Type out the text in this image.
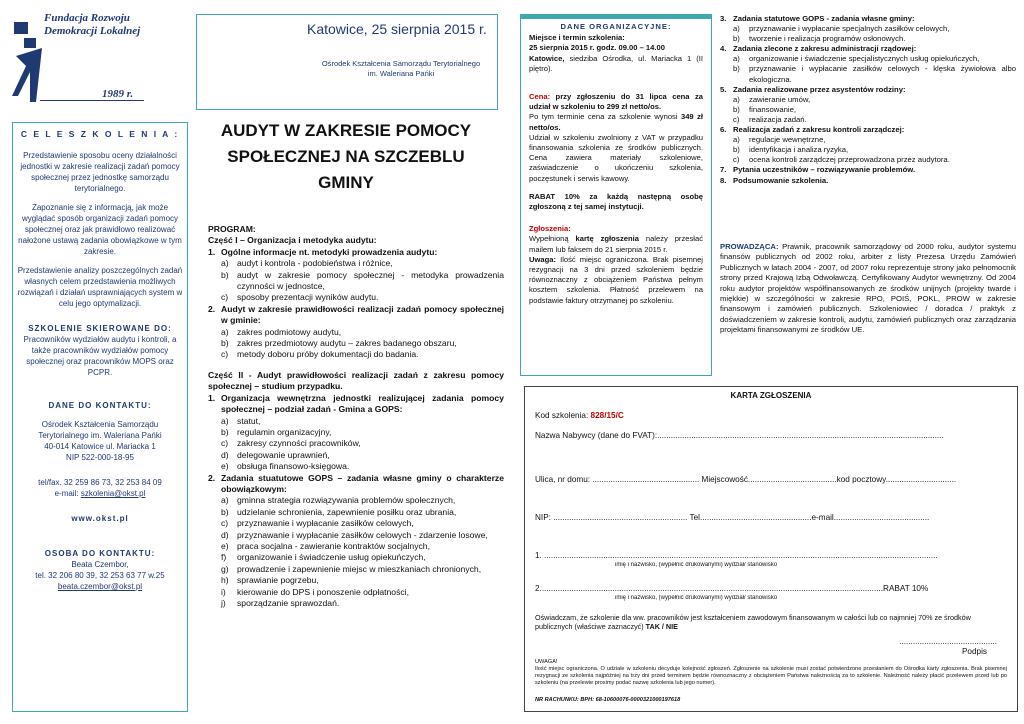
Fundacja Rozwoju
Demokracji Lokalnej
1989 r.
C E L E S Z K O L E N I A :

Przedstawienie sposobu oceny działalności jednostki w zakresie realizacji zadań pomocy społecznej przez jednostkę samorządu terytorialnego.

Zapoznanie się z informacją, jak może wyglądać sposób organizacji zadań pomocy społecznej oraz jak prawidłowo realizować nałożone ustawą zadania obowiązkowe w tym zakresie.

Przedstawienie analizy poszczególnych zadań własnych celem przedstawienia możliwych rozwiązań i działań usprawniających system w celu jego optymalizacji.

SZKOLENIE SKIEROWANE DO:

Pracowników wydziałów audytu i kontroli, a także pracowników wydziałów pomocy społecznej oraz pracowników MOPS oraz PCPR.

DANE DO KONTAKTU:
Ośrodek Kształcenia Samorządu Terytorialnego im. Waleriana Pańki
40-014 Katowice ul. Mariacka 1
NIP 522-000-18-95
tel/fax. 32 259 86 73, 32 253 84 09
e-mail: szkolenia@okst.pl
www.okst.pl
OSOBA DO KONTAKTU:
Beata Czembor,
tel. 32 206 80 39, 32 253 63 77 w.25
beata.czembor@okst.pl
Katowice, 25 sierpnia 2015 r.
Ośrodek Kształcenia Samorządu Terytorialnego
im. Waleriana Pańki
AUDYT W ZAKRESIE POMOCY
SPOŁECZNEJ NA SZCZEBLU
GMINY
PROGRAM:
Część I – Organizacja i metodyka audytu:
1. Ogólne informacje nt. metodyki prowadzenia audytu:
a) audyt i kontrola - podobieństwa i różnice,
b) audyt w zakresie pomocy społecznej - metodyka prowadzenia czynności w jednostce,
c)	sposoby prezentacji wyników audytu.
2. Audyt w zakresie prawidłowości realizacji zadań pomocy społecznej w gminie:
a) zakres podmiotowy audytu,
b) zakres przedmiotowy audytu – zakres badanego obszaru,
c)	metody doboru próby dokumentacji do badania.
Część II - Audyt prawidłowości realizacji zadań z zakresu pomocy społecznej – studium przypadku.
1. Organizacja wewnętrzna jednostki realizującej zadania pomocy społecznej – podział zadań - Gmina a GOPS:
a) statut,
b) regulamin organizacyjny,
c)	zakresy czynności pracowników,
d) delegowanie uprawnień,
e) obsługa finansowo-księgowa.
2. Zadania stuatutowe GOPS – zadania własne gminy o charakterze obowiązkowym:
a) gminna strategia rozwiązywania problemów społecznych,
b) udzielanie schronienia, zapewnienie posiłku oraz ubrania,
c)	przyznawanie i wypłacanie zasiłków celowych,
d) przyznawanie i wypłacanie zasiłków celowych - zdarzenie losowe,
e) praca socjalna - zawieranie kontraktów socjalnych,
f)	organizowanie i świadczenie usług opiekuńczych,
g) prowadzenie i zapewnienie miejsc w mieszkaniach chronionych,
h) sprawianie pogrzebu,
i)	kierowanie do DPS i ponoszenie odpłatności,
j)	sporządzanie sprawozdań.
DANE ORGANIZACYJNE:
Miejsce i termin szkolenia:
25 sierpnia 2015 r. godz. 09.00 – 14.00

Katowice, siedziba Ośrodka, ul. Mariacka 1 (II piętro).

Cena: przy zgłoszeniu do 31 lipca cena za udział w szkoleniu to 299 zł netto/os.

Po tym terminie cena za szkolenie wynosi 349 zł netto/os.

Udział w szkoleniu zwolniony z VAT w przypadku finansowania szkolenia ze środków publicznych. Cena zawiera materiały szkoleniowe, zaświadczenie o ukończeniu szkolenia, poczęstunek i serwis kawowy.

RABAT 10% za każdą następną osobę zgłoszoną z tej samej instytucji.

Zgłoszenia:

Wypełnioną kartę zgłoszenia należy przesłać mailem lub faksem do 21 sierpnia 2015 r.

Uwaga: Ilość miejsc ograniczona. Brak pisemnej rezygnacji na 3 dni przed szkoleniem będzie równoznaczny z obciążeniem Państwa pełnym kosztem szkolenia. Płatność przelewem na podstawie faktury otrzymanej po szkoleniu.

3. Zadania statutowe GOPS - zadania własne gminy:
a)	przyznawanie i wypłacanie specjalnych zasiłków celowych,
b)	tworzenie i realizacja programów osłonowych.
4. Zadania zlecone z zakresu administracji rządowej:
a)	organizowanie i świadczenie specjalistycznych usług opiekuńczych,
b)	przyznawanie i wypłacanie zasiłków celowych - klęska żywiołowa albo ekologiczna.
5. Zadania realizowane przez asystentów rodziny:
a)	zawieranie umów,
b)	finansowanie,
c)	realizacja zadań.
6. Realizacja zadań z zakresu kontroli zarządczej:
a)	regulacje wewnętrzne,
b)	identyfikacja i analiza ryzyka,
c)	ocena kontroli zarządczej przeprowadzona przez audytora.
7. Pytania uczestników – rozwiązywanie problemów.
8. Podsumowanie szkolenia.
PROWADZĄCA: Prawnik, pracownik samorządowy od 2000 roku, audytor systemu finansów publicznych od 2002 roku, arbiter z listy Prezesa Urzędu Zamówień Publicznych w latach 2004 - 2007, od 2007 roku reprezentuje strony jako pełnomocnik strony przed Krajową Izbą Odwoławczą. Certyfikowany Audytor wewnętrzny. Od 2004 roku audytor projektów współfinansowanych ze środków unijnych (projekty twarde i miękkie) w szczególności w zakresie RPO, POIŚ, POKL, PROW w zakresie finansowym i zamówień publicznych. Szkoleniowiec / doradca / praktyk z doświadczeniem w zakresie kontroli, audytu, zamówień publicznych oraz zarządzania projektami finansowanymi ze środków UE.
KARTA ZGŁOSZENIA
Kod szkolenia: 828/15/C
Nazwa Nabywcy (dane do FVAT):..............................................................................................................................
Ulica, nr domu: ............................................... Miejscowość.......................................kod pocztowy...............................
NIP: ........................................................... Tel.................................................e-mail..........................................
1. .............................................................................................................................................................................
imię i nazwisko, (wypełnić drukowanymi) wydział/ stanowisko
2.......................................................................................................................................................RABAT 10%
imię i nazwisko, (wypełnić drukowanymi) wydział/ stanowisko
Oświadczam, że szkolenie dla ww. pracowników jest kształceniem zawodowym finansowanym w całości lub co najmniej 70% ze środków publicznych (właściwe zaznaczyć) TAK / NIE
...........................................
Podpis
UWAGA!
Ilość miejsc ograniczona. O udziale w szkoleniu decyduje kolejność zgłoszeń. Zgłoszenie na szkolenie musi zostać potwierdzone przesłaniem do Ośrodka karty zgłoszenia. Brak pisemnej rezygnacji ze szkolenia najpóźniej na trzy dni przed terminem będzie równoznaczny z obciążeniem Państwa należnością za to szkolenie. Należność należy płacić przelewem przed lub po szkoleniu (na przelewie prosimy podać nazwę szkolenia lub jego numer).
NR RACHUNKU: BPH: 68-10600076-0000321000197618
